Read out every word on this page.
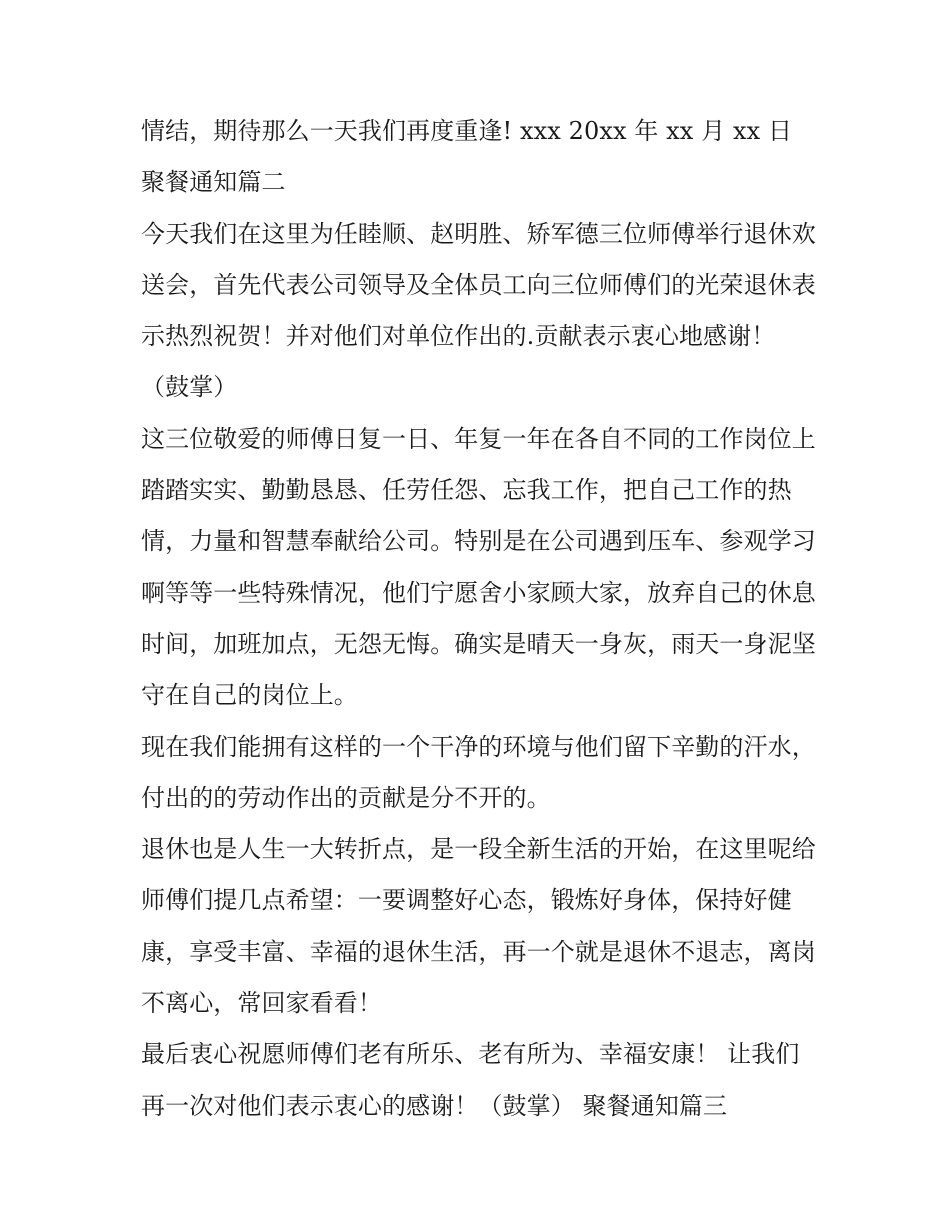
情结，期待那么一天我们再度重逢! xxx 20xx 年 xx 月 xx 日 聚餐通知篇二

今天我们在这里为任睦顺、赵明胜、矫军德三位师傅举行退休欢送会，首先代表公司领导及全体员工向三位师傅们的光荣退休表示热烈祝贺！并对他们对单位作出的.贡献表示衷心地感谢！（鼓掌）

这三位敬爱的师傅日复一日、年复一年在各自不同的工作岗位上踏踏实实、勤勤恳恳、任劳任怨、忘我工作，把自己工作的热情，力量和智慧奉献给公司。特别是在公司遇到压车、参观学习啊等等一些特殊情况，他们宁愿舍小家顾大家，放弃自己的休息时间，加班加点，无怨无悔。确实是晴天一身灰，雨天一身泥坚守在自己的岗位上。

现在我们能拥有这样的一个干净的环境与他们留下辛勤的汗水，付出的的劳动作出的贡献是分不开的。

退休也是人生一大转折点，是一段全新生活的开始，在这里呢给师傅们提几点希望：一要调整好心态，锻炼好身体，保持好健康，享受丰富、幸福的退休生活，再一个就是退休不退志，离岗不离心，常回家看看！

最后衷心祝愿师傅们老有所乐、老有所为、幸福安康！ 让我们再一次对他们表示衷心的感谢！（鼓掌） 聚餐通知篇三
